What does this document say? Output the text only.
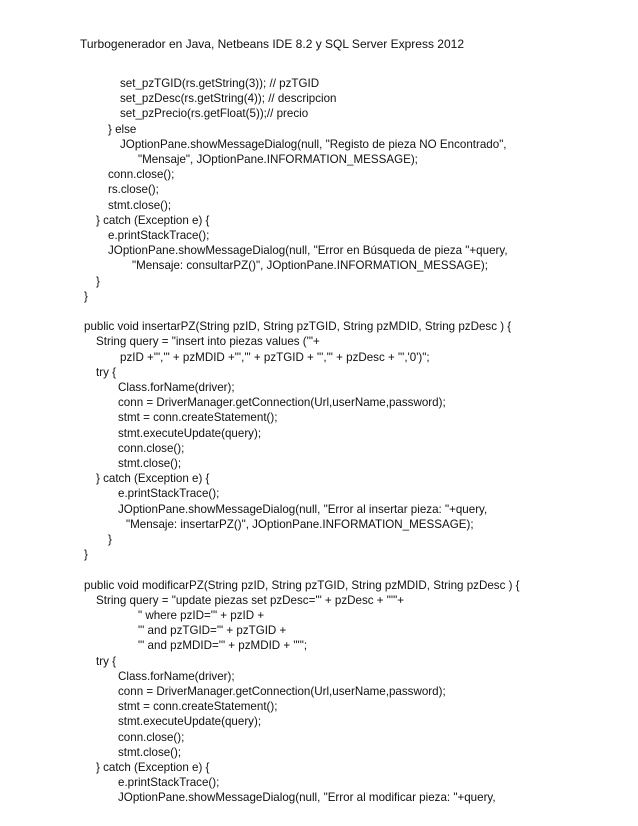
Turbogenerador en Java, Netbeans IDE 8.2 y SQL Server Express 2012
set_pzTGID(rs.getString(3)); // pzTGID
set_pzDesc(rs.getString(4)); // descripcion
set_pzPrecio(rs.getFloat(5));// precio
} else
JOptionPane.showMessageDialog(null, "Registo de pieza NO Encontrado",
"Mensaje", JOptionPane.INFORMATION_MESSAGE);
conn.close();
rs.close();
stmt.close();
} catch (Exception e) {
e.printStackTrace();
JOptionPane.showMessageDialog(null, "Error en Búsqueda de pieza "+query,
"Mensaje: consultarPZ()", JOptionPane.INFORMATION_MESSAGE);
}
}
public void insertarPZ(String pzID, String pzTGID, String pzMDID, String pzDesc ) {
String query = "insert into piezas values ('"+
pzID +"','" + pzMDID +"','" + pzTGID + "','" + pzDesc + "','0')";
try {
Class.forName(driver);
conn = DriverManager.getConnection(Url,userName,password);
stmt = conn.createStatement();
stmt.executeUpdate(query);
conn.close();
stmt.close();
} catch (Exception e) {
e.printStackTrace();
JOptionPane.showMessageDialog(null, "Error al insertar pieza: "+query,
"Mensaje: insertarPZ()", JOptionPane.INFORMATION_MESSAGE);
}
}
public void modificarPZ(String pzID, String pzTGID, String pzMDID, String pzDesc ) {
String query = "update piezas set pzDesc='" + pzDesc + "'"+
" where pzID='" + pzID +
"' and pzTGID='" + pzTGID +
"' and pzMDID='" + pzMDID + "'";
try {
Class.forName(driver);
conn = DriverManager.getConnection(Url,userName,password);
stmt = conn.createStatement();
stmt.executeUpdate(query);
conn.close();
stmt.close();
} catch (Exception e) {
e.printStackTrace();
JOptionPane.showMessageDialog(null, "Error al modificar pieza: "+query,
